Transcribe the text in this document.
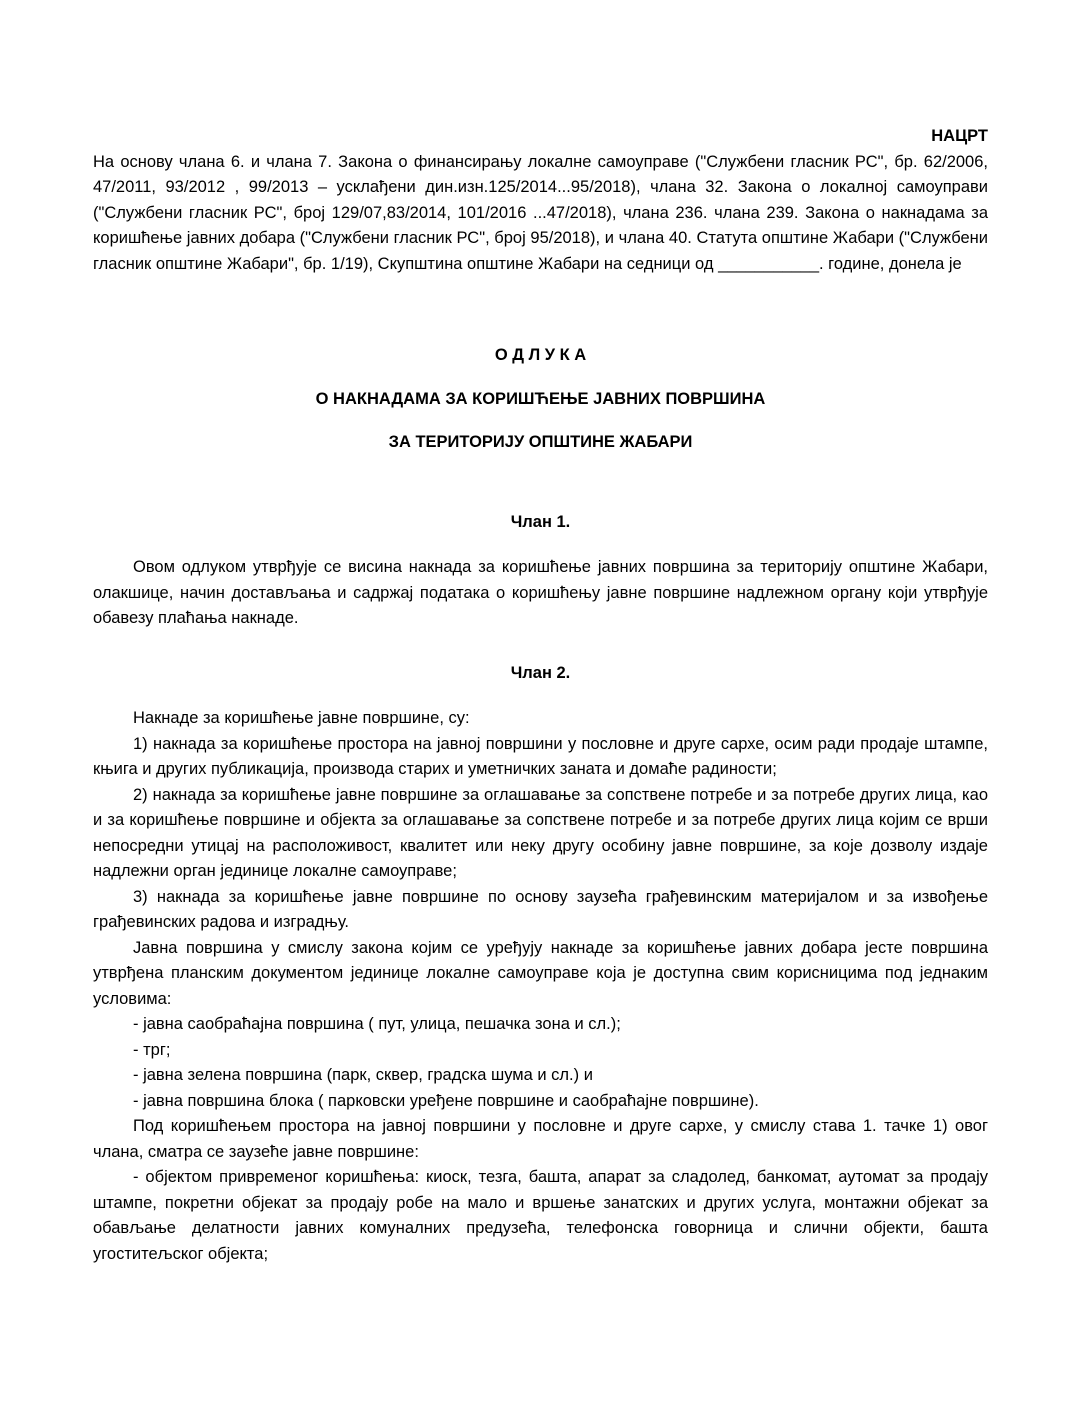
НАЦРТ

На основу члана 6. и члана 7. Закона о финансирању локалне самоуправе ("Службени гласник РС", бр. 62/2006, 47/2011, 93/2012 , 99/2013 – усклађени дин.изн.125/2014...95/2018), члана 32. Закона о локалној самоуправи ("Службени гласник РС", број 129/07,83/2014, 101/2016 ...47/2018), члана 236. члана 239. Закона о накнадама за коришћење јавних добара ("Службени гласник РС", број 95/2018), и члана 40. Статута општине Жабари ("Службени гласник општине Жабари", бр. 1/19), Скупштина општине Жабари на седници од ___________. године, донела је

О Д Л У К А
О НАКНАДАМА ЗА КОРИШЋЕЊЕ ЈАВНИХ ПОВРШИНА
ЗА ТЕРИТОРИЈУ ОПШТИНЕ ЖАБАРИ
Члан 1.

Овом одлуком утврђује се висина накнада за коришћење јавних површина за територију општине Жабари, олакшице, начин достављања и садржај података о коришћењу јавне површине надлежном органу који утврђује обавезу плаћања накнаде.

Члан 2.

Накнаде за коришћење јавне површине, су:

1) накнада за коришћење простора на јавној површини у пословне и друге сархе, осим ради продаје штампе, књига и других публикација, производа старих и уметничких заната и домаће радиности;

2) накнада за коришћење јавне површине за оглашавање за сопствене потребе и за потребе других лица, као и за коришћење површине и објекта за оглашавање за сопствене потребе и за потребе других лица којим се врши непосредни утицај на расположивост, квалитет или неку другу особину јавне површине, за које дозволу издаје надлежни орган јединице локалне самоуправе;

3) накнада за коришћење јавне површине по основу заузећа грађевинским материјалом и за извођење грађевинских радова и изградњу.

Јавна површина у смислу закона којим се уређују накнаде за коришћење јавних добара јесте површина утврђена планским документом јединице локалне самоуправе која је доступна свим корисницима под једнаким условима:

- јавна саобраћајна површина ( пут, улица, пешачка зона и сл.);
- трг;
- јавна зелена површина (парк, сквер, градска шума и сл.) и
- јавна површина блока ( парковски уређене површине и саобраћајне површине).

Под коришћењем простора на јавној површини у пословне и друге сархе, у смислу става 1. тачке 1) овог члана, сматра се заузеће јавне површине:

- објектом привременог коришћења: киоск, тезга, башта, апарат за сладолед, банкомат, аутомат за продају штампе, покретни објекат за продају робе на мало и вршење занатских и других услуга, монтажни објекат за обављање делатности јавних комуналних предузећа, телефонска говорница и слични објекти, башта угоститељског објекта;
